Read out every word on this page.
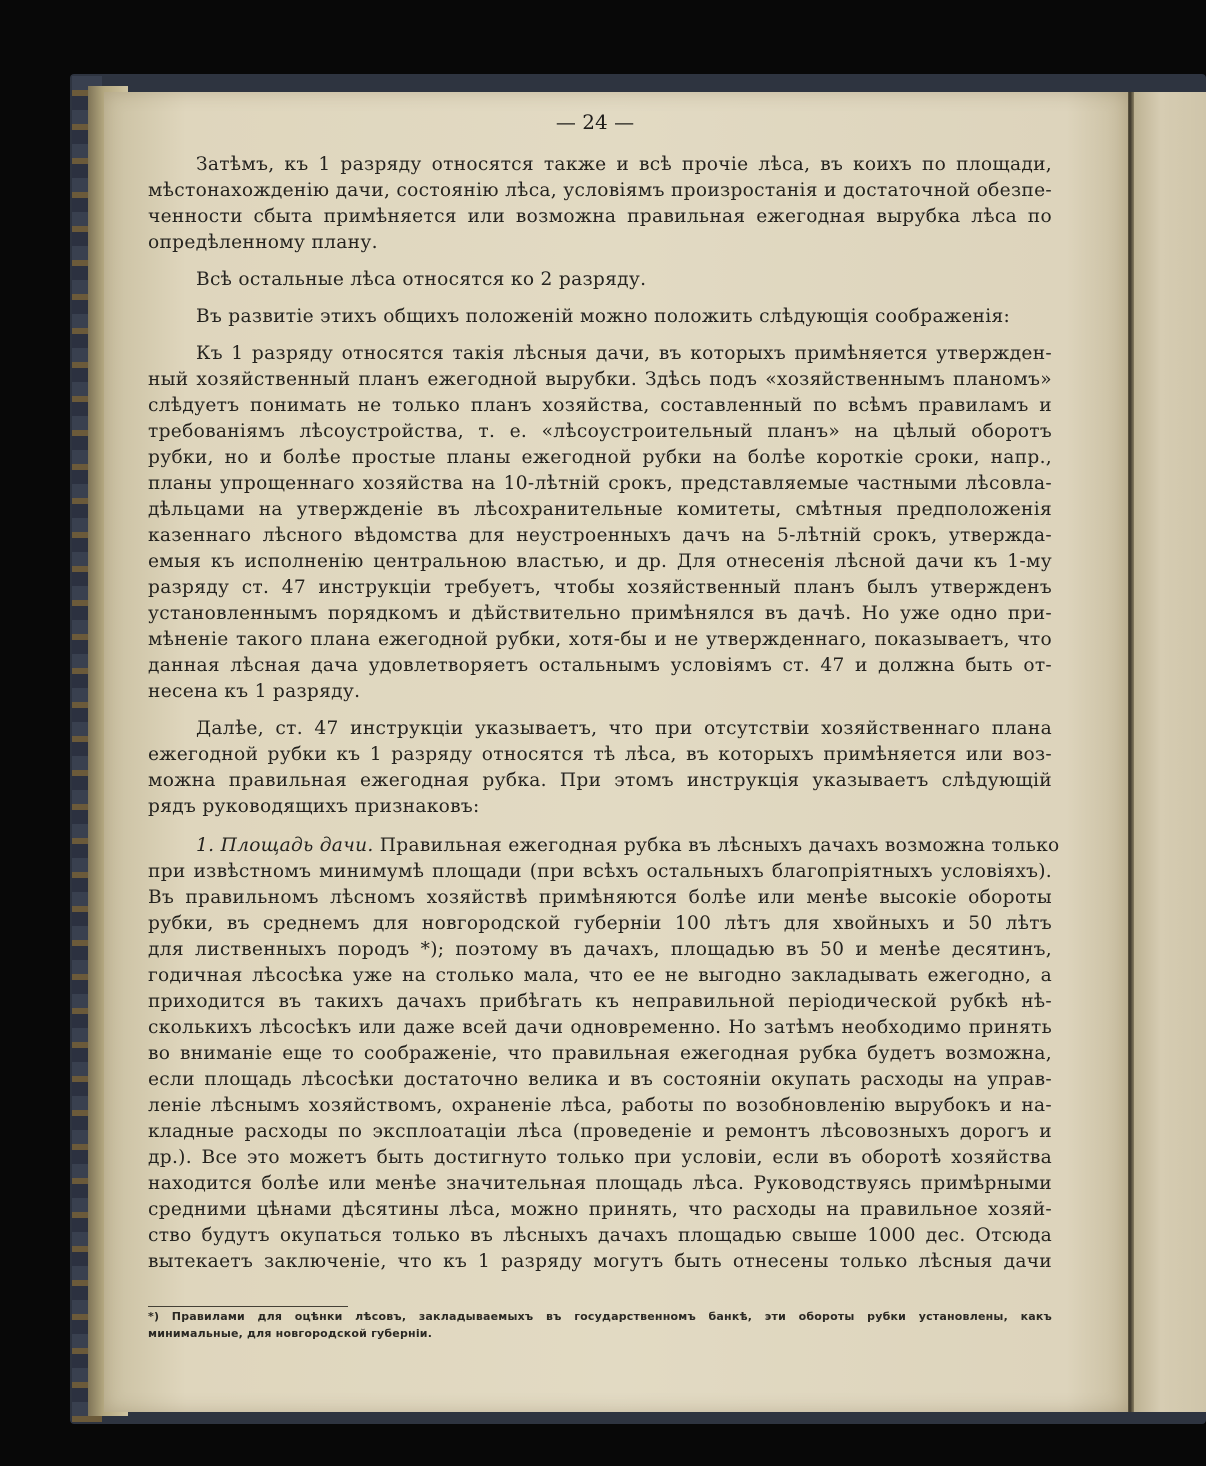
— 24 —
Затѣмъ, къ 1 разряду относятся также и всѣ прочіе лѣса, въ коихъ по площади,
мѣстонахожденію дачи, состоянію лѣса, условіямъ произростанія и достаточной обезпе-
ченности сбыта примѣняется или возможна правильная ежегодная вырубка лѣса по
опредѣленному плану.
Всѣ остальные лѣса относятся ко 2 разряду.
Въ развитіе этихъ общихъ положеній можно положить слѣдующія соображенія:
Къ 1 разряду относятся такія лѣсныя дачи, въ которыхъ примѣняется утвержден-
ный хозяйственный планъ ежегодной вырубки. Здѣсь подъ «хозяйственнымъ планомъ»
слѣдуетъ понимать не только планъ хозяйства, составленный по всѣмъ правиламъ и
требованіямъ лѣсоустройства, т. е. «лѣсоустроительный планъ» на цѣлый оборотъ
рубки, но и болѣе простые планы ежегодной рубки на болѣе короткіе сроки, напр.,
планы упрощеннаго хозяйства на 10-лѣтній срокъ, представляемые частными лѣсовла-
дѣльцами на утвержденіе въ лѣсохранительные комитеты, смѣтныя предположенія
казеннаго лѣсного вѣдомства для неустроенныхъ дачъ на 5-лѣтній срокъ, утвержда-
емыя къ исполненію центральною властью, и др. Для отнесенія лѣсной дачи къ 1-му
разряду ст. 47 инструкціи требуетъ, чтобы хозяйственный планъ былъ утвержденъ
установленнымъ порядкомъ и дѣйствительно примѣнялся въ дачѣ. Но уже одно при-
мѣненіе такого плана ежегодной рубки, хотя-бы и не утвержденнаго, показываетъ, что
данная лѣсная дача удовлетворяетъ остальнымъ условіямъ ст. 47 и должна быть от-
несена къ 1 разряду.
Далѣе, ст. 47 инструкціи указываетъ, что при отсутствіи хозяйственнаго плана
ежегодной рубки къ 1 разряду относятся тѣ лѣса, въ которыхъ примѣняется или воз-
можна правильная ежегодная рубка. При этомъ инструкція указываетъ слѣдующій
рядъ руководящихъ признаковъ:
1. Площадь дачи. Правильная ежегодная рубка въ лѣсныхъ дачахъ возможна только
при извѣстномъ минимумѣ площади (при всѣхъ остальныхъ благопріятныхъ условіяхъ).
Въ правильномъ лѣсномъ хозяйствѣ примѣняются болѣе или менѣе высокіе обороты
рубки, въ среднемъ для новгородской губерніи 100 лѣтъ для хвойныхъ и 50 лѣтъ
для лиственныхъ породъ *); поэтому въ дачахъ, площадью въ 50 и менѣе десятинъ,
годичная лѣсосѣка уже на столько мала, что ее не выгодно закладывать ежегодно, а
приходится въ такихъ дачахъ прибѣгать къ неправильной періодической рубкѣ нѣ-
сколькихъ лѣсосѣкъ или даже всей дачи одновременно. Но затѣмъ необходимо принять
во вниманіе еще то соображеніе, что правильная ежегодная рубка будетъ возможна,
если площадь лѣсосѣки достаточно велика и въ состояніи окупать расходы на управ-
леніе лѣснымъ хозяйствомъ, охраненіе лѣса, работы по возобновленію вырубокъ и на-
кладные расходы по эксплоатаціи лѣса (проведеніе и ремонтъ лѣсовозныхъ дорогъ и
др.). Все это можетъ быть достигнуто только при условіи, если въ оборотѣ хозяйства
находится болѣе или менѣе значительная площадь лѣса. Руководствуясь примѣрными
средними цѣнами дѣсятины лѣса, можно принять, что расходы на правильное хозяй-
ство будутъ окупаться только въ лѣсныхъ дачахъ площадью свыше 1000 дес. Отсюда
вытекаетъ заключеніе, что къ 1 разряду могутъ быть отнесены только лѣсныя дачи
*) Правилами для оцѣнки лѣсовъ, закладываемыхъ въ государственномъ банкѣ, эти обороты рубки установлены, какъ
минимальные, для новгородской губерніи.
